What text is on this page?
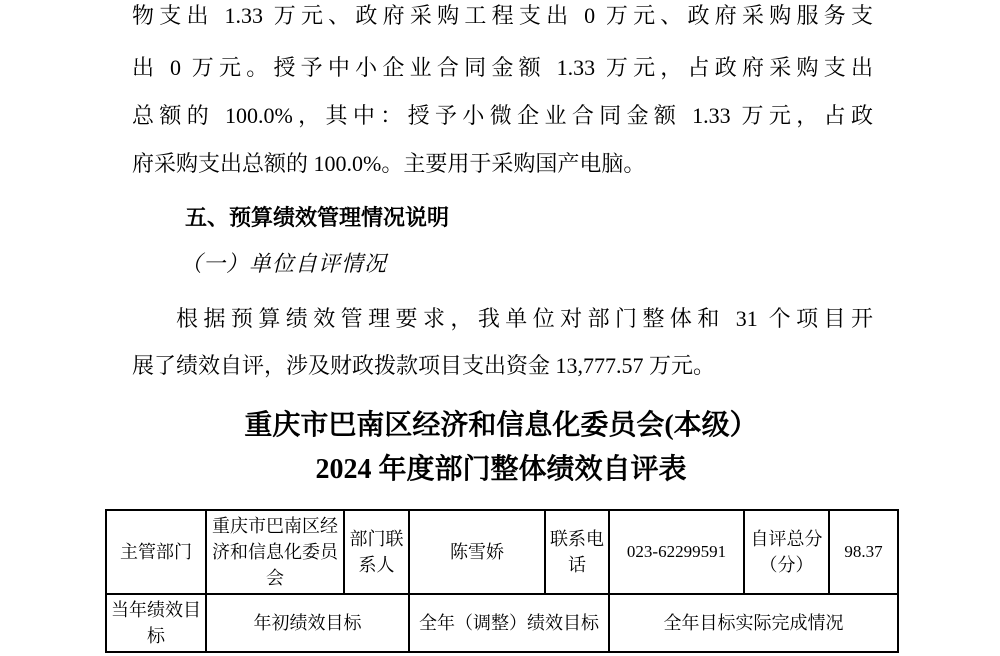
物支出 1.33 万元、政府采购工程支出 0 万元、政府采购服务支
出 0 万元。授予中小企业合同金额 1.33 万元，占政府采购支出
总额的 100.0%，其中：授予小微企业合同金额 1.33 万元，占政
府采购支出总额的 100.0%。主要用于采购国产电脑。
五、预算绩效管理情况说明
（一）单位自评情况
根据预算绩效管理要求，我单位对部门整体和 31 个项目开
展了绩效自评，涉及财政拨款项目支出资金 13,777.57 万元。
重庆市巴南区经济和信息化委员会(本级）
2024 年度部门整体绩效自评表
主管部门	重庆市巴南区经济和信息化委员会	部门联系人	陈雪娇	联系电话	023-62299591	自评总分（分）	98.37
当年绩效目标	年初绩效目标		全年（调整）绩效目标		全年目标实际完成情况		
